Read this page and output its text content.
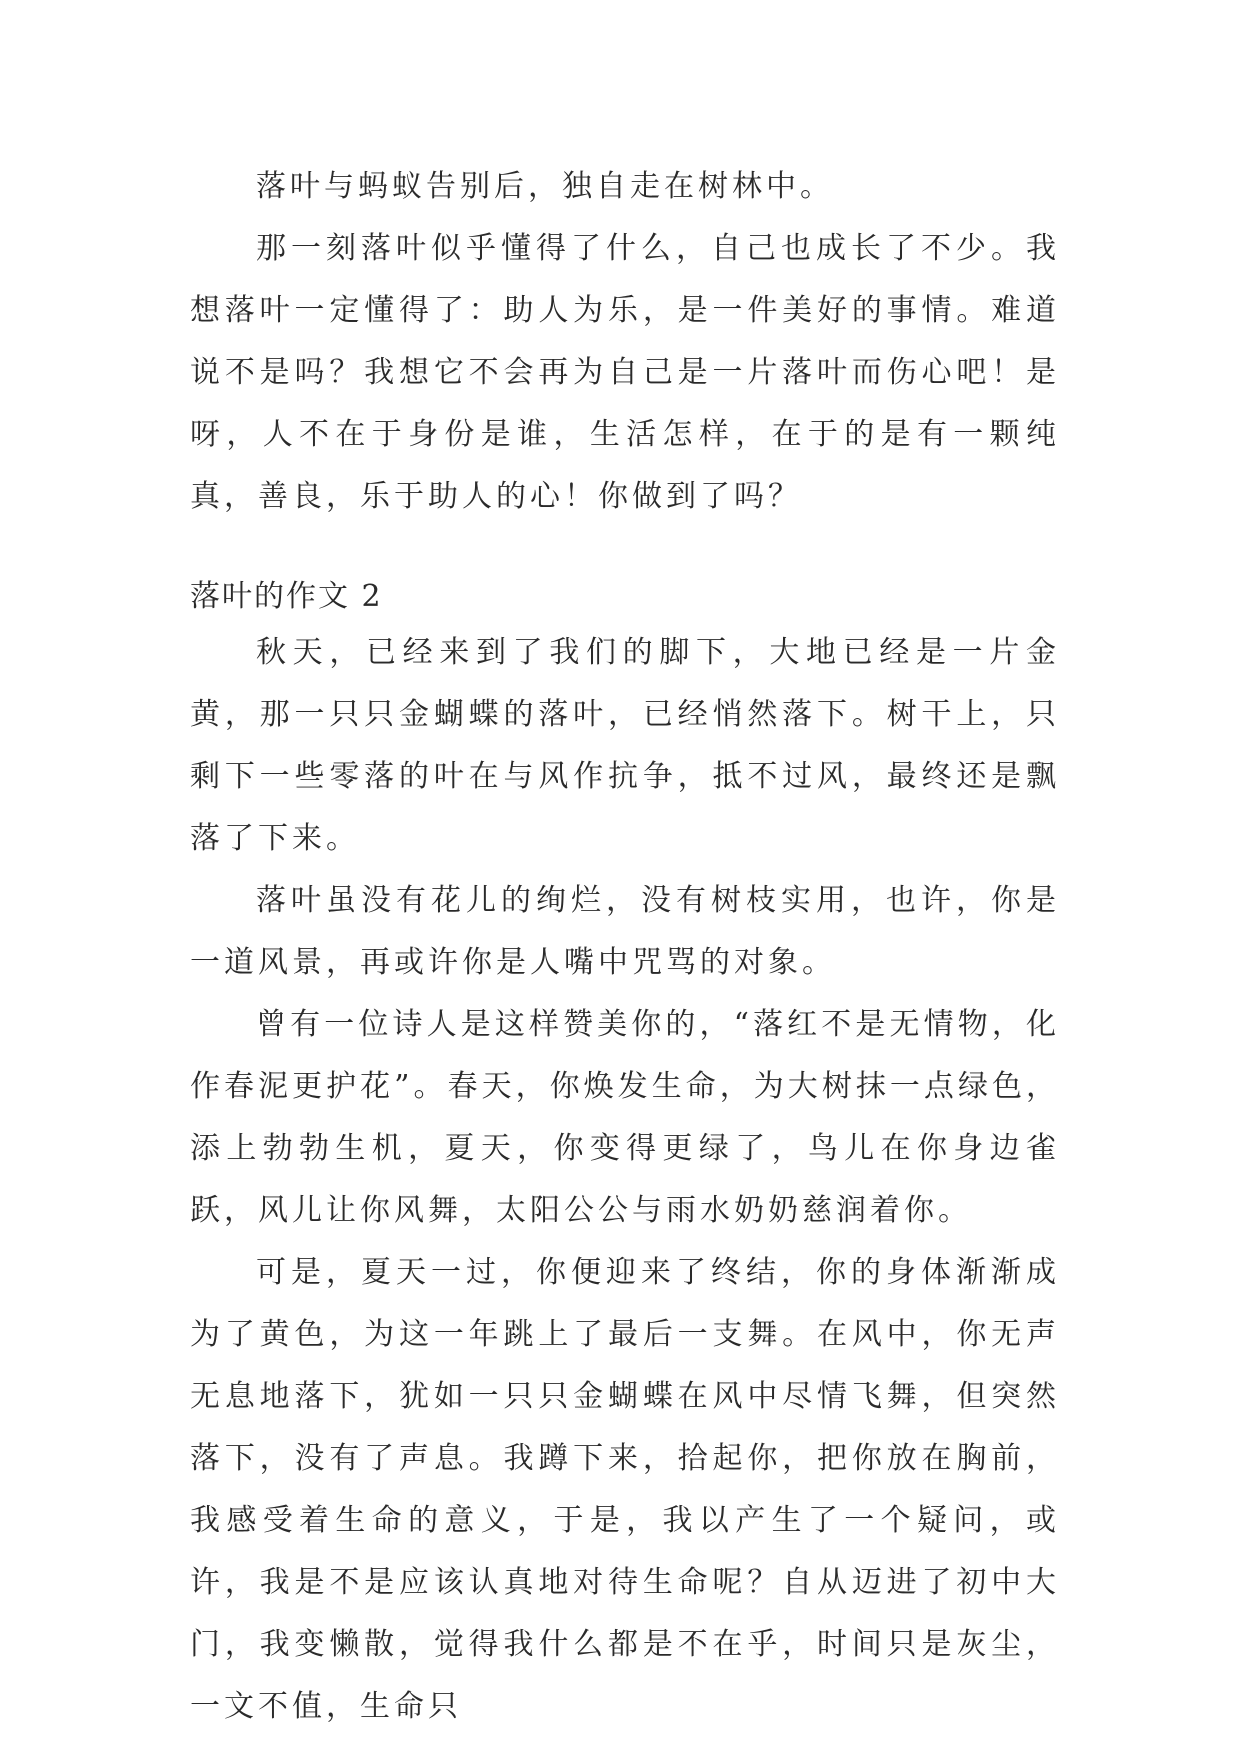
落叶与蚂蚁告别后，独自走在树林中。

那一刻落叶似乎懂得了什么，自己也成长了不少。我想落叶一定懂得了：助人为乐，是一件美好的事情。难道说不是吗？我想它不会再为自己是一片落叶而伤心吧！是呀，人不在于身份是谁，生活怎样，在于的是有一颗纯真，善良，乐于助人的心！你做到了吗？

落叶的作文 2

秋天，已经来到了我们的脚下，大地已经是一片金黄，那一只只金蝴蝶的落叶，已经悄然落下。树干上，只剩下一些零落的叶在与风作抗争，抵不过风，最终还是飘落了下来。

落叶虽没有花儿的绚烂，没有树枝实用，也许，你是一道风景，再或许你是人嘴中咒骂的对象。

曾有一位诗人是这样赞美你的，“落红不是无情物，化作春泥更护花”。春天，你焕发生命，为大树抹一点绿色，添上勃勃生机，夏天，你变得更绿了，鸟儿在你身边雀跃，风儿让你风舞，太阳公公与雨水奶奶慈润着你。

可是，夏天一过，你便迎来了终结，你的身体渐渐成为了黄色，为这一年跳上了最后一支舞。在风中，你无声无息地落下，犹如一只只金蝴蝶在风中尽情飞舞，但突然落下，没有了声息。我蹲下来，拾起你，把你放在胸前，我感受着生命的意义，于是，我以产生了一个疑问，或许，我是不是应该认真地对待生命呢？自从迈进了初中大门，我变懒散，觉得我什么都是不在乎，时间只是灰尘，一文不值，生命只
